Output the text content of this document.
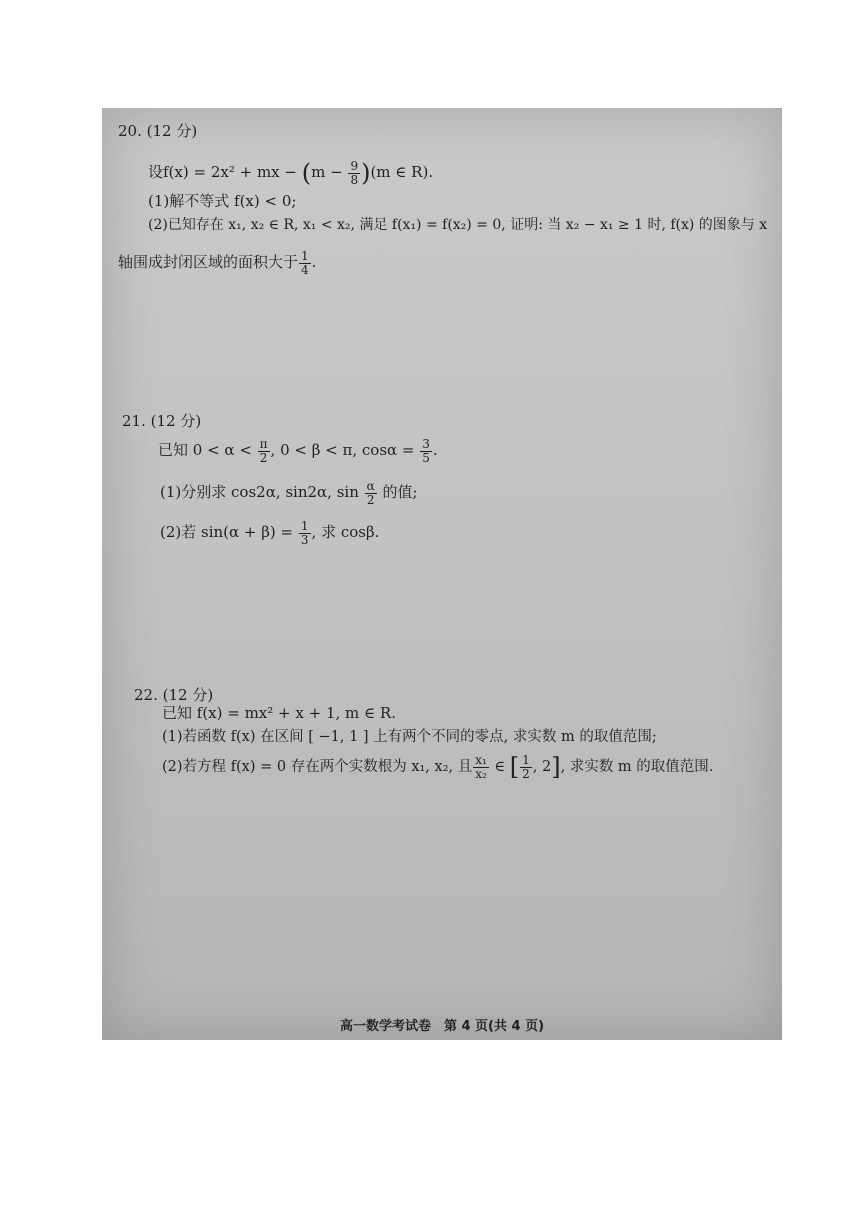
20. (12 分)
设f(x) = 2x² + mx − $(m - \frac{9}{8} )(m$ ∈ R).
(1)解不等式 f(x) < 0;
(2)已知存在 x₁, x₂ ∈ R, x₁ < x₂, 满足 f(x₁) = f(x₂) = 0, 证明: 当 x₂ − x₁ ≥ 1 时, f(x) 的图象与 x
轴围成封闭区域的面积大于 $\frac{1}{4}$ .
21. (12 分)
已知 $0 < \alpha < \frac{\pi}{2}$ , 0 < β < π, $\cos\alpha = \frac{3}{5}$ .
(1)分别求 cos2α, sin2α, $\sin \frac{\alpha}{2}$ 的值;
(2)若 $\sin(\alpha + \beta) = \frac{1}{3}$ , 求 cosβ.
22. (12 分)
已知 f(x) = mx² + x + 1, m ∈ R.
(1)若函数 f(x) 在区间 [ −1, 1 ] 上有两个不同的零点, 求实数 m 的取值范围;
(2)若方程 f(x) = 0 存在两个实数根为 x₁, x₂, 且 $\frac{\text{x₁}}{\text{x₂}}$ ∈ [ $\frac{1}{2}$ , 2], 求实数 m 的取值范围.
高一数学考试卷　第 4 页(共 4 页)
